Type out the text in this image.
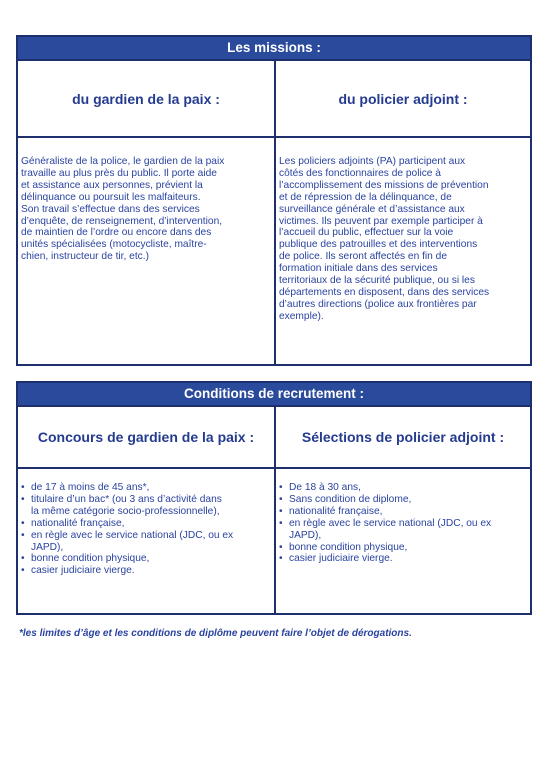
Les missions :
du gardien de la paix :	du policier adjoint :
Généraliste de la police, le gardien de la paix
travaille au plus près du public. Il porte aide
et assistance aux personnes, prévient la
délinquance ou poursuit les malfaiteurs.
Son travail s’effectue dans des services
d’enquête, de renseignement, d’intervention,
de maintien de l’ordre ou encore dans des
unités spécialisées (motocycliste, maître-
chien, instructeur de tir, etc.)
Les policiers adjoints (PA) participent aux
côtés des fonctionnaires de police à
l’accomplissement des missions de prévention
et de répression de la délinquance, de
surveillance générale et d’assistance aux
victimes. Ils peuvent par exemple participer à
l’accueil du public, effectuer sur la voie
publique des patrouilles et des interventions
de police. Ils seront affectés en fin de
formation initiale dans des services
territoriaux de la sécurité publique, ou si les
départements en disposent, dans des services
d’autres directions (police aux frontières par
exemple).
Conditions de recrutement :
Concours de gardien de la paix :	Sélections de policier adjoint :
• de 17 à moins de 45 ans*,
• titulaire d’un bac* (ou 3 ans d’activité dans
la même catégorie socio-professionnelle),
• nationalité française,
• en règle avec le service national (JDC, ou ex
JAPD),
• bonne condition physique,
• casier judiciaire vierge.
• De 18 à 30 ans,
• Sans condition de diplome,
• nationalité française,
• en règle avec le service national (JDC, ou ex
JAPD),
• bonne condition physique,
• casier judiciaire vierge.
*les limites d’âge et les conditions de diplôme peuvent faire l’objet de dérogations.
